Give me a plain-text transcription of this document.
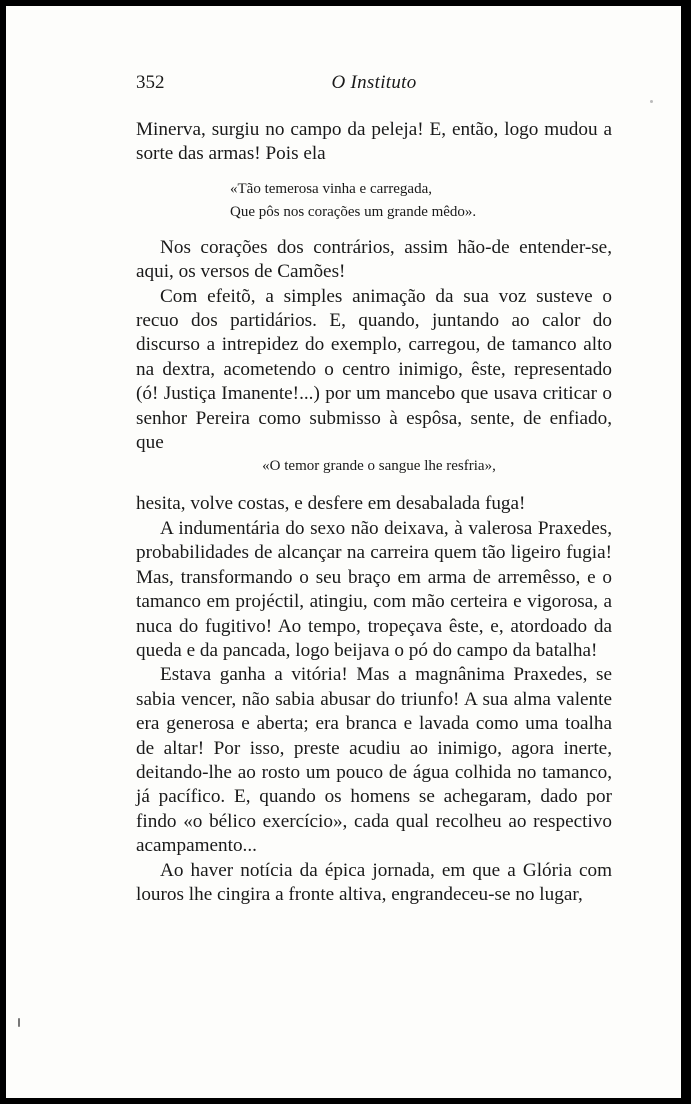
352	O Instituto

Minerva, surgiu no campo da peleja! E, então, logo mudou a sorte das armas! Pois ela

«Tão temerosa vinha e carregada,
Que pôs nos corações um grande mêdo».

Nos corações dos contrários, assim hão-de entender-se, aqui, os versos de Camões!

Com efeitõ, a simples animação da sua voz susteve o recuo dos partidários. E, quando, juntando ao calor do discurso a intrepidez do exemplo, carregou, de tamanco alto na dextra, acometendo o centro inimigo, êste, representado (ó! Justiça Imanente!...) por um mancebo que usava criticar o senhor Pereira como submisso à espôsa, sente, de enfiado, que

«O temor grande o sangue lhe resfria»,

hesita, volve costas, e desfere em desabalada fuga!

A indumentária do sexo não deixava, à valerosa Praxedes, probabilidades de alcançar na carreira quem tão ligeiro fugia! Mas, transformando o seu braço em arma de arremêsso, e o tamanco em projéctil, atingiu, com mão certeira e vigorosa, a nuca do fugitivo! Ao tempo, tropeçava êste, e, atordoado da queda e da pancada, logo beijava o pó do campo da batalha!

Estava ganha a vitória! Mas a magnânima Praxedes, se sabia vencer, não sabia abusar do triunfo! A sua alma valente era generosa e aberta; era branca e lavada como uma toalha de altar! Por isso, preste acudiu ao inimigo, agora inerte, deitando-lhe ao rosto um pouco de água colhida no tamanco, já pacífico. E, quando os homens se achegaram, dado por findo «o bélico exercício», cada qual recolheu ao respectivo acampamento...

Ao haver notícia da épica jornada, em que a Glória com louros lhe cingira a fronte altiva, engrandeceu-se no lugar,
